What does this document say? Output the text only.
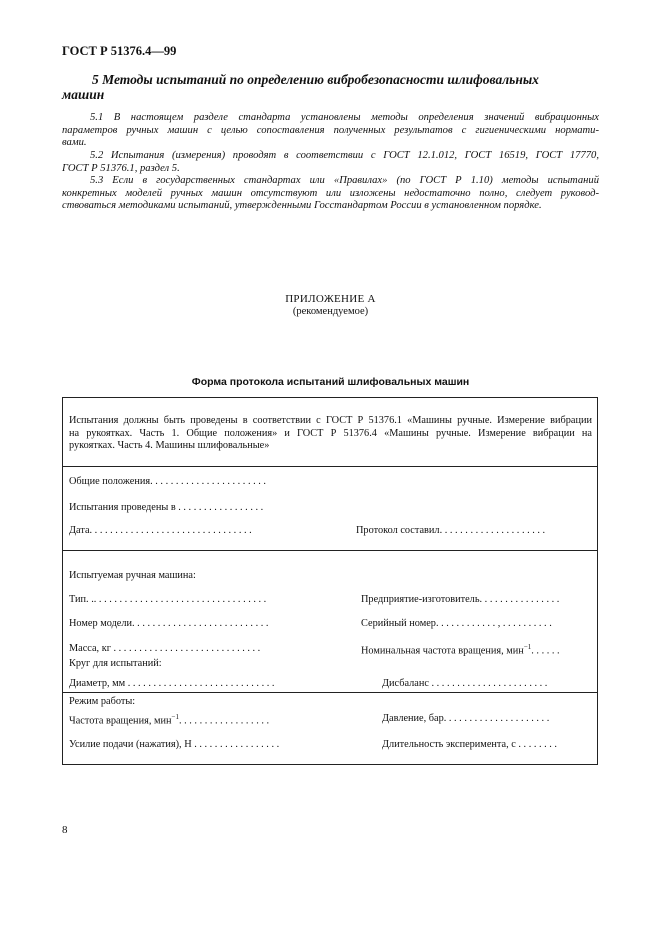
ГОСТ Р 51376.4—99
5 Методы испытаний по определению вибробезопасности шлифовальных
машин
5.1 В настоящем разделе стандарта установлены методы определения значений вибрационных
параметров ручных машин с целью сопоставления полученных результатов с гигиеническими нормати-
вами.
5.2 Испытания (измерения) проводят в соответствии с ГОСТ 12.1.012, ГОСТ 16519, ГОСТ 17770,
ГОСТ Р 51376.1, раздел 5.
5.3 Если в государственных стандартах или «Правилах» (по ГОСТ Р 1.10) методы испытаний
конкретных моделей ручных машин отсутствуют или изложены недостаточно полно, следует руковод-
ствоваться методиками испытаний, утвержденными Госстандартом России в установленном порядке.
ПРИЛОЖЕНИЕ А
(рекомендуемое)
Форма протокола испытаний шлифовальных машин
Испытания должны быть проведены в соответствии с ГОСТ Р 51376.1 «Машины ручные. Измерение вибрации
на рукоятках. Часть 1. Общие положения» и ГОСТ Р 51376.4 «Машины ручные. Измерение вибрации на
рукоятках. Часть 4. Машины шлифовальные»
Общие положения. . . . . . . . . . . . . . . . . . . . . . .
Испытания проведены в . . . . . . . . . . . . . . . . .
Дата. . . . . . . . . . . . . . . . . . . . . . . . . . . . . . . .	Протокол составил. . . . . . . . . . . . . . . . . . . . .
Испытуемая ручная машина:
Тип. .. . . . . . . . . . . . . . . . . . . . . . . . . . . . . . . . . .	Предприятие-изготовитель. . . . . . . . . . . . . . . .
Номер модели. . . . . . . . . . . . . . . . . . . . . . . . . . .	Серийный номер. . . . . . . . . . . . , . . . . . . . . . .
Масса, кг . . . . . . . . . . . . . . . . . . . . . . . . . . . . .	Номинальная частота вращения, мин$^{-1}$. . . . . .
Круг для испытаний:
Диаметр, мм . . . . . . . . . . . . . . . . . . . . . . . . . . . . .	Дисбаланс . . . . . . . . . . . . . . . . . . . . . . .
Режим работы:
Частота вращения, мин$^{-1}$. . . . . . . . . . . . . . . . . .	Давление, бар. . . . . . . . . . . . . . . . . . . . .
Усилие подачи (нажатия), Н . . . . . . . . . . . . . . . . .	Длительность эксперимента, с . . . . . . . .
8
